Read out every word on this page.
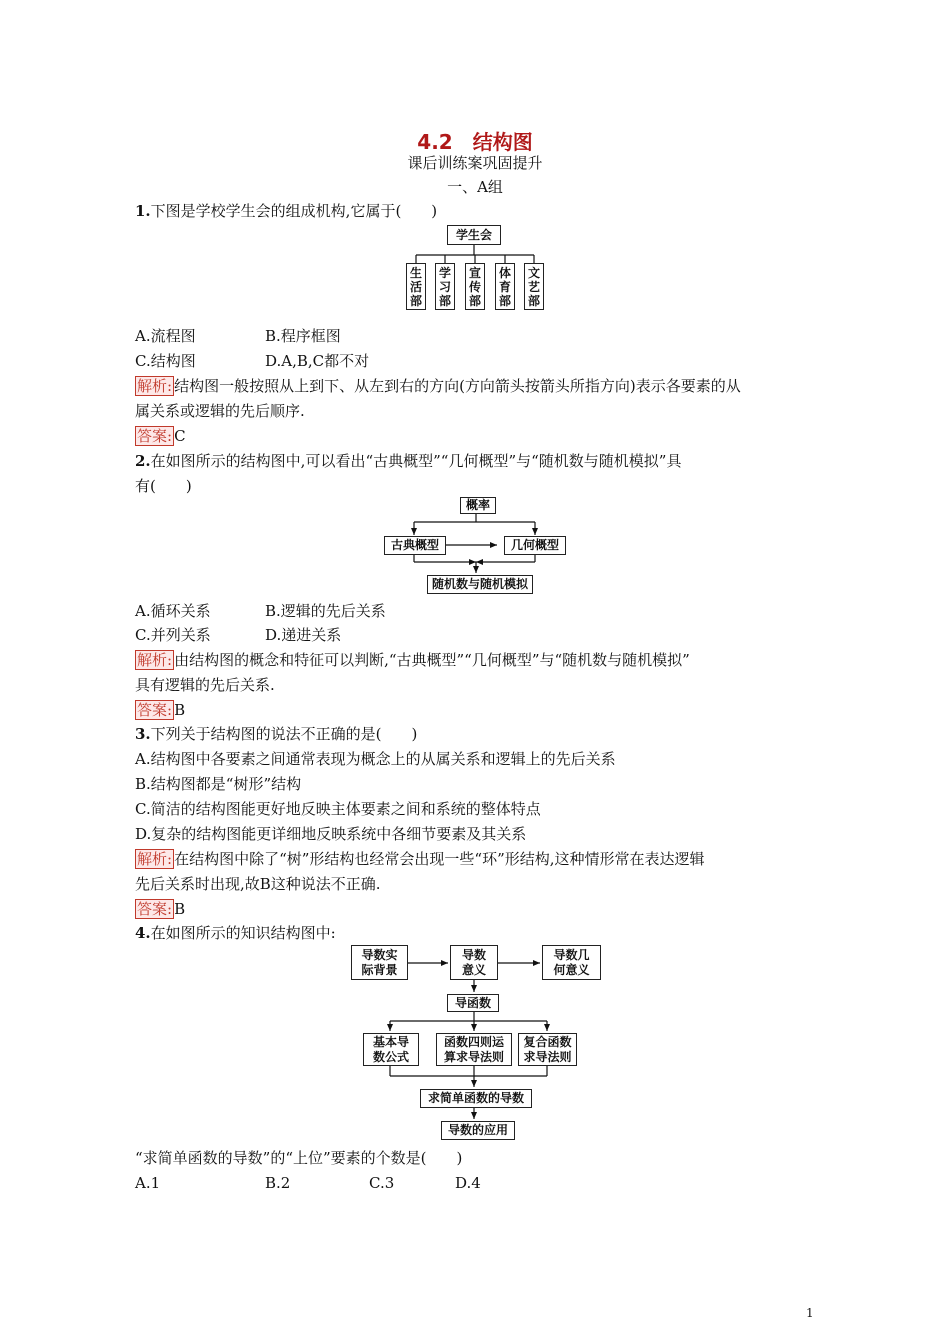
4.2　结构图
课后训练案巩固提升
一、A组
1.下图是学校学生会的组成机构,它属于(　　)
学生会
生活部
学习部
宣传部
体育部
文艺部
A.流程图	B.程序框图
C.结构图	D.A,B,C都不对
解析: 结构图一般按照从上到下、从左到右的方向(方向箭头按箭头所指方向)表示各要素的从
属关系或逻辑的先后顺序.
答案: C
2.在如图所示的结构图中,可以看出“古典概型”“几何概型”与“随机数与随机模拟”具
有(　　)
概率
古典概型	几何概型
随机数与随机模拟
A.循环关系	B.逻辑的先后关系
C.并列关系	D.递进关系
解析: 由结构图的概念和特征可以判断,“古典概型”“几何概型”与“随机数与随机模拟”
具有逻辑的先后关系.
答案: B
3.下列关于结构图的说法不正确的是(　　)
A.结构图中各要素之间通常表现为概念上的从属关系和逻辑上的先后关系
B.结构图都是“树形”结构
C.简洁的结构图能更好地反映主体要素之间和系统的整体特点
D.复杂的结构图能更详细地反映系统中各细节要素及其关系
解析: 在结构图中除了“树”形结构也经常会出现一些“环”形结构,这种情形常在表达逻辑
先后关系时出现,故B这种说法不正确.
答案: B
4.在如图所示的知识结构图中:
导数实际背景
导数意义
导数几何意义
导函数
基本导数公式
函数四则运算求导法则
复合函数求导法则
求简单函数的导数
导数的应用
“求简单函数的导数”的“上位”要素的个数是(　　)
A.1	B.2	C.3	D.4
1
